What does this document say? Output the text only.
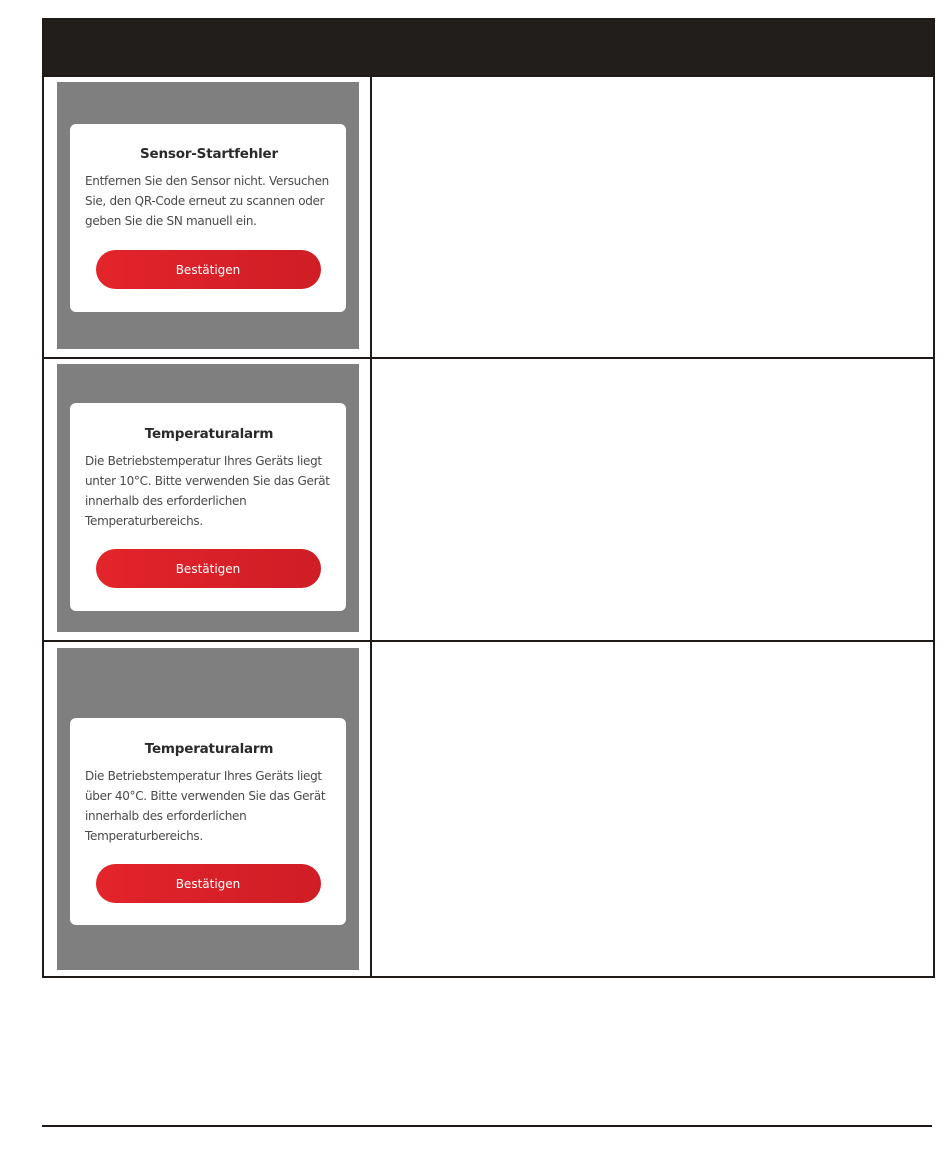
Sensor-Startfehler
Entfernen Sie den Sensor nicht. Versuchen Sie, den QR-Code erneut zu scannen oder geben Sie die SN manuell ein.
Bestätigen
Temperaturalarm
Die Betriebstemperatur Ihres Geräts liegt unter 10°C. Bitte verwenden Sie das Gerät innerhalb des erforderlichen Temperaturbereichs.
Bestätigen
Temperaturalarm
Die Betriebstemperatur Ihres Geräts liegt über 40°C. Bitte verwenden Sie das Gerät innerhalb des erforderlichen Temperaturbereichs.
Bestätigen
